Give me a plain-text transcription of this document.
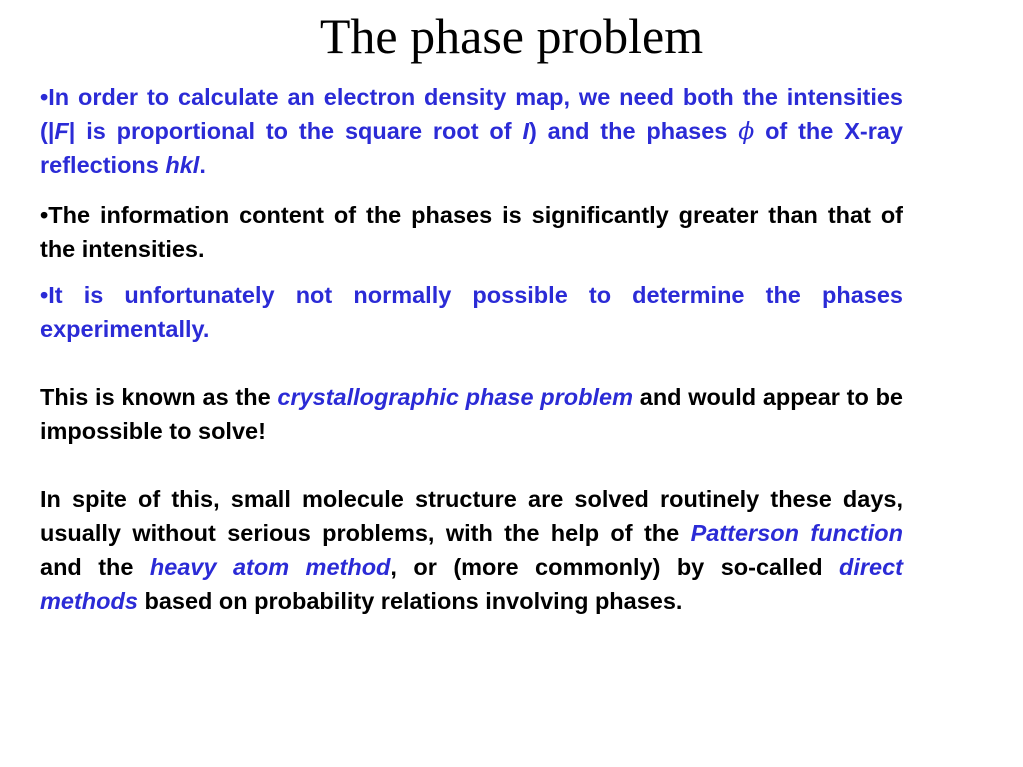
The phase problem

•In order to calculate an electron density map, we need both the intensities (|F| is proportional to the square root of I) and the phases ϕ of the X-ray reflections hkl.

•The information content of the phases is significantly greater than that of the intensities.

•It is unfortunately not normally possible to determine the phases experimentally.

This is known as the crystallographic phase problem and would appear to be impossible to solve!

In spite of this, small molecule structure are solved routinely these days, usually without serious problems, with the help of the Patterson function and the heavy atom method, or (more commonly) by so-called direct methods based on probability relations involving phases.
